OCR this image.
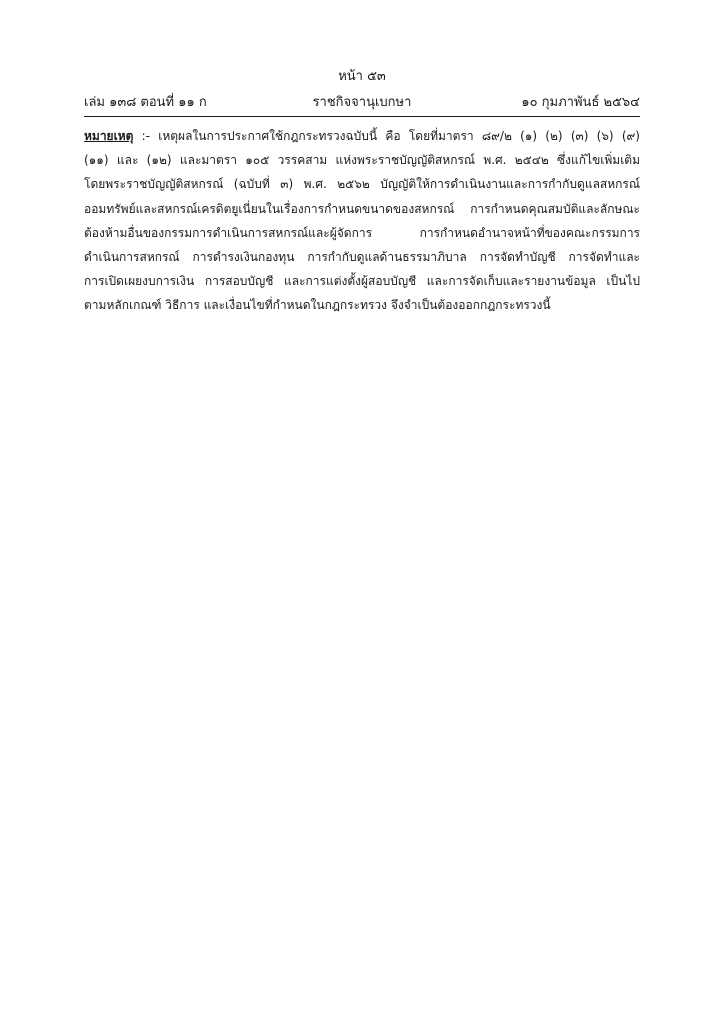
หน้า ๕๓
เล่ม ๑๓๘ ตอนที่ ๑๑ ก	ราชกิจจานุเบกษา	๑๐ กุมภาพันธ์ ๒๕๖๔
หมายเหตุ :- เหตุผลในการประกาศใช้กฎกระทรวงฉบับนี้ คือ โดยที่มาตรา ๘๙/๒ (๑) (๒) (๓) (๖) (๙)
(๑๑) และ (๑๒) และมาตรา ๑๐๕ วรรคสาม แห่งพระราชบัญญัติสหกรณ์ พ.ศ. ๒๕๔๒ ซึ่งแก้ไขเพิ่มเติม
โดยพระราชบัญญัติสหกรณ์ (ฉบับที่ ๓) พ.ศ. ๒๕๖๒ บัญญัติให้การดำเนินงานและการกำกับดูแลสหกรณ์
ออมทรัพย์และสหกรณ์เครดิตยูเนี่ยนในเรื่องการกำหนดขนาดของสหกรณ์ การกำหนดคุณสมบัติและลักษณะ
ต้องห้ามอื่นของกรรมการดำเนินการสหกรณ์และผู้จัดการ การกำหนดอำนาจหน้าที่ของคณะกรรมการ
ดำเนินการสหกรณ์ การดำรงเงินกองทุน การกำกับดูแลด้านธรรมาภิบาล การจัดทำบัญชี การจัดทำและ
การเปิดเผยงบการเงิน การสอบบัญชี และการแต่งตั้งผู้สอบบัญชี และการจัดเก็บและรายงานข้อมูล เป็นไป
ตามหลักเกณฑ์ วิธีการ และเงื่อนไขที่กำหนดในกฎกระทรวง จึงจำเป็นต้องออกกฎกระทรวงนี้
